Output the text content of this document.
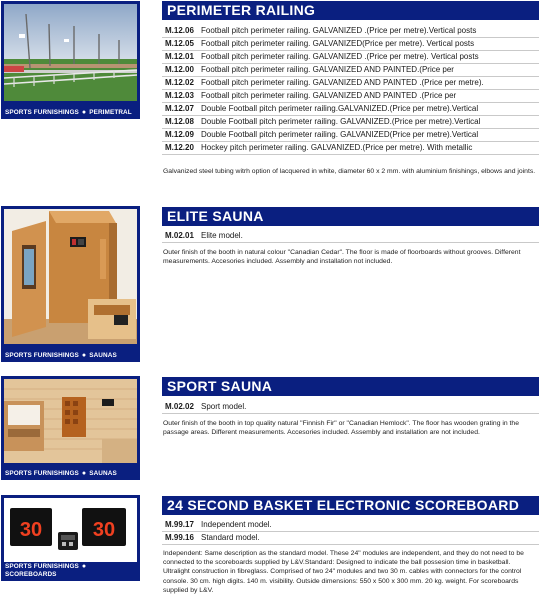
SPORTS FURNISHINGS ● PERIMETRAL
PERIMETER RAILING
M.12.06 Football pitch perimeter railing. GALVANIZED .(Price per metre).Vertical posts
M.12.05 Football pitch perimeter railing. GALVANIZED(Price per metre). Vertical posts
M.12.01 Football pitch perimeter railing. GALVANIZED .(Price per metre). Vertical posts
M.12.00 Football pitch perimeter railing. GALVANIZED AND PAINTED.(Price per
M.12.02 Football pitch perimeter railing. GALVANIZED AND PAINTED .(Price per metre).
M.12.03 Football pitch perimeter railing. GALVANIZED AND PAINTED .(Price per
M.12.07 Double Football pitch perimeter railing.GALVANIZED.(Price per metre).Vertical
M.12.08 Double Football pitch perimeter railing. GALVANIZED.(Price per metre).Vertical
M.12.09 Double Football pitch perimeter railing. GALVANIZED(Price per metre).Vertical
M.12.20 Hockey pitch perimeter railing. GALVANIZED.(Price per metre). With metallic
Galvanized steel tubing witrh option of lacquered in white, diameter 60 x 2 mm. with aluminium finishings, elbows and joints.
SPORTS FURNISHINGS ● SAUNAS
ELITE SAUNA
M.02.01 Elite model.
Outer finish of the booth in natural colour "Canadian Cedar". The floor is made of floorboards without grooves. Different measurements. Accesories included. Assembly and installation not included.
SPORTS FURNISHINGS ● SAUNAS
SPORT SAUNA
M.02.02 Sport model.
Outer finish of the booth in top quality natural "Finnish Fir" or "Canadian Hemlock". The floor has wooden grating in the passage areas. Different measurements. Accesories included. Assembly and installation are not included.
30	30
SPORTS FURNISHINGS ●
SCOREBOARDS
24 SECOND BASKET ELECTRONIC SCOREBOARD
M.99.17 Independent model.
M.99.16 Standard model.
Independent: Same description as the standard model. These 24" modules are independent, and they do not need to be connected to the scoreboards supplied by L&V.Standard: Designed to indicate the ball possesion time in basketball. Ultralight construction in fibreglass. Comprised of two 24" modules and two 30 m. cables with connectors for the control console. 30 cm. high digits. 140 m. visibility. Outside dimensions: 550 x 500 x 300 mm. 20 kg. weight. For scoreboards supplied by L&V.
